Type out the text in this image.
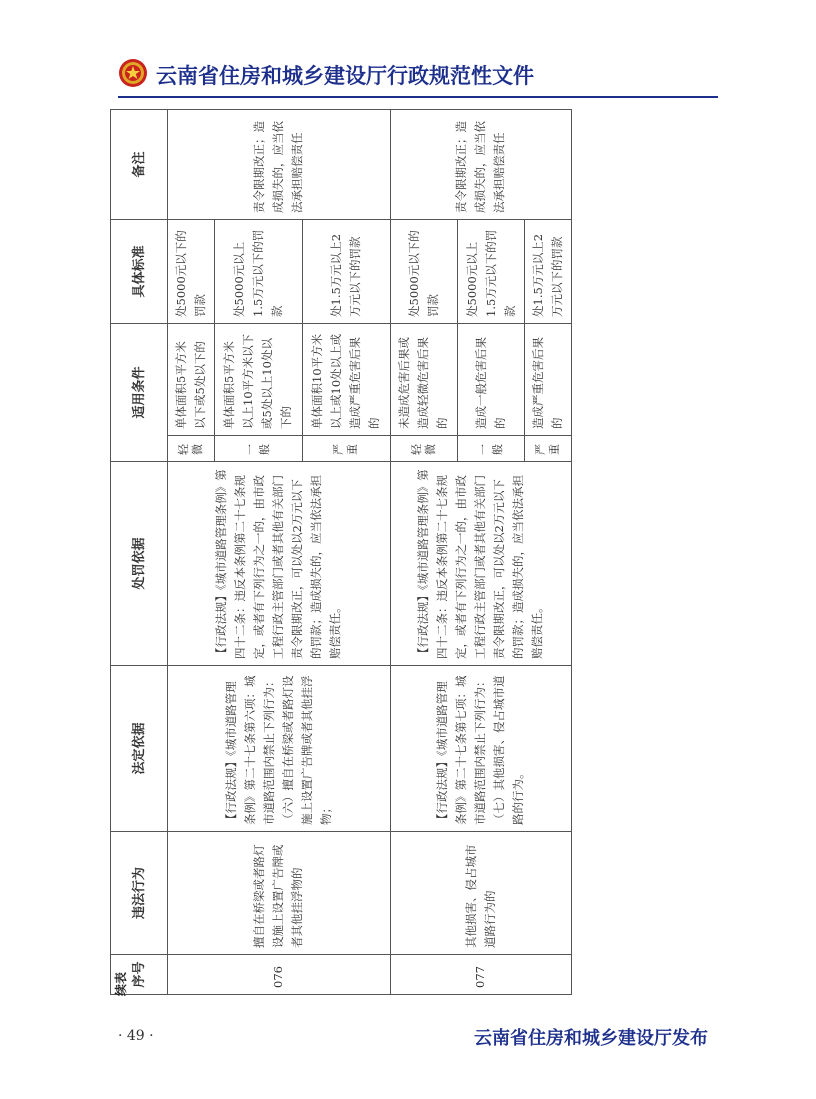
云南省住房和城乡建设厅行政规范性文件
续表 序号	违法行为	法定依据	处罚依据	适用条件		具体标准	备注
076	擅自在桥梁或者路灯设施上设置广告牌或者其他挂浮物的	【行政法规】《城市道路管理条例》第二十七条第六项：城市道路范围内禁止下列行为：（六）擅自在桥梁或者路灯设施上设置广告牌或者其他挂浮物；	【行政法规】《城市道路管理条例》第四十二条：违反本条例第二十七条规定，或者有下列行为之一的，由市政工程行政主管部门或者其他有关部门责令限期改正，可以处以2万元以下的罚款；造成损失的，应当依法承担赔偿责任。	轻微	单体面积5平方米以下或5处以下的	处5000元以下的罚款	责令限期改正；造成损失的，应当依法承担赔偿责任
				一般	单体面积5平方米以上10平方米以下或5处以上10处以下的	处5000元以上1.5万元以下的罚款	
				严重	单体面积10平方米以上或10处以上或造成严重危害后果的	处1.5万元以上2万元以下的罚款	
077	其他损害、侵占城市道路行为的	【行政法规】《城市道路管理条例》第二十七条第七项：城市道路范围内禁止下列行为：（七）其他损害、侵占城市道路的行为。	【行政法规】《城市道路管理条例》第四十二条：违反本条例第二十七条规定，或者有下列行为之一的，由市政工程行政主管部门或者其他有关部门责令限期改正，可以处以2万元以下的罚款；造成损失的，应当依法承担赔偿责任。	轻微	未造成危害后果或造成轻微危害后果的	处5000元以下的罚款	责令限期改正；造成损失的，应当依法承担赔偿责任
				一般	造成一般危害后果的	处5000元以上1.5万元以下的罚款	
				严重	造成严重危害后果的	处1.5万元以上2万元以下的罚款	
· 49 ·	云南省住房和城乡建设厅发布
